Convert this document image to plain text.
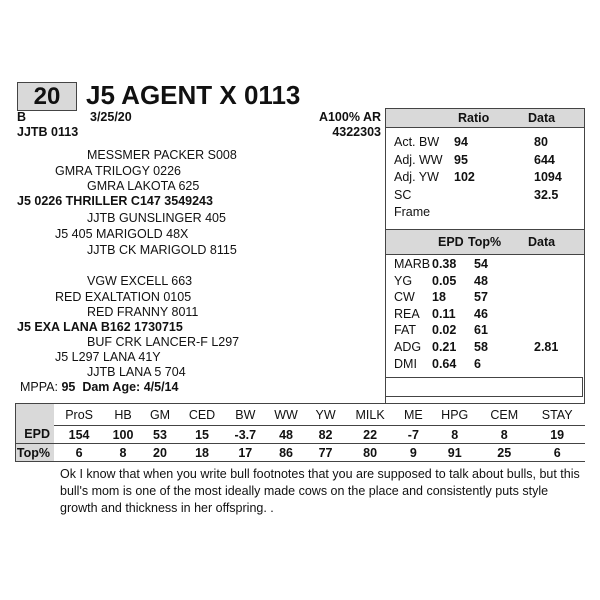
20 J5 AGENT X 0113
B	3/25/20	A100% AR
JJTB 0113	4322303
MESSMER PACKER S008
GMRA TRILOGY 0226
GMRA LAKOTA 625
J5 0226 THRILLER C147 3549243
JJTB GUNSLINGER 405
J5 405 MARIGOLD 48X
JJTB CK MARIGOLD 8115
VGW EXCELL 663
RED EXALTATION 0105
RED FRANNY 8011
J5 EXA LANA B162 1730715
BUF CRK LANCER-F L297
J5 L297 LANA 41Y
JJTB LANA 5 704
MPPA: 95 Dam Age: 4/5/14
Ratio	Data
Act. BW 94	80
Adj. WW 95	644
Adj. YW 102	1094
SC	32.5
Frame
EPD Top% Data
MARB 0.38 54
YG 0.05 48
CW 18 57
REA 0.11 46
FAT 0.02 61
ADG 0.21 58	2.81
DMI 0.64 6
	ProS	HB	GM	CED	BW	WW	YW	MILK	ME	HPG	CEM	STAY
EPD	154	100	53	15	-3.7	48	82	22	-7	8	8	19
Top%	6	8	20	18	17	86	77	80	9	91	25	6
Ok I know that when you write bull footnotes that you are supposed to talk about bulls, but this bull's mom is one of the most ideally made cows on the place and consistently puts style growth and thickness in her offspring. .
